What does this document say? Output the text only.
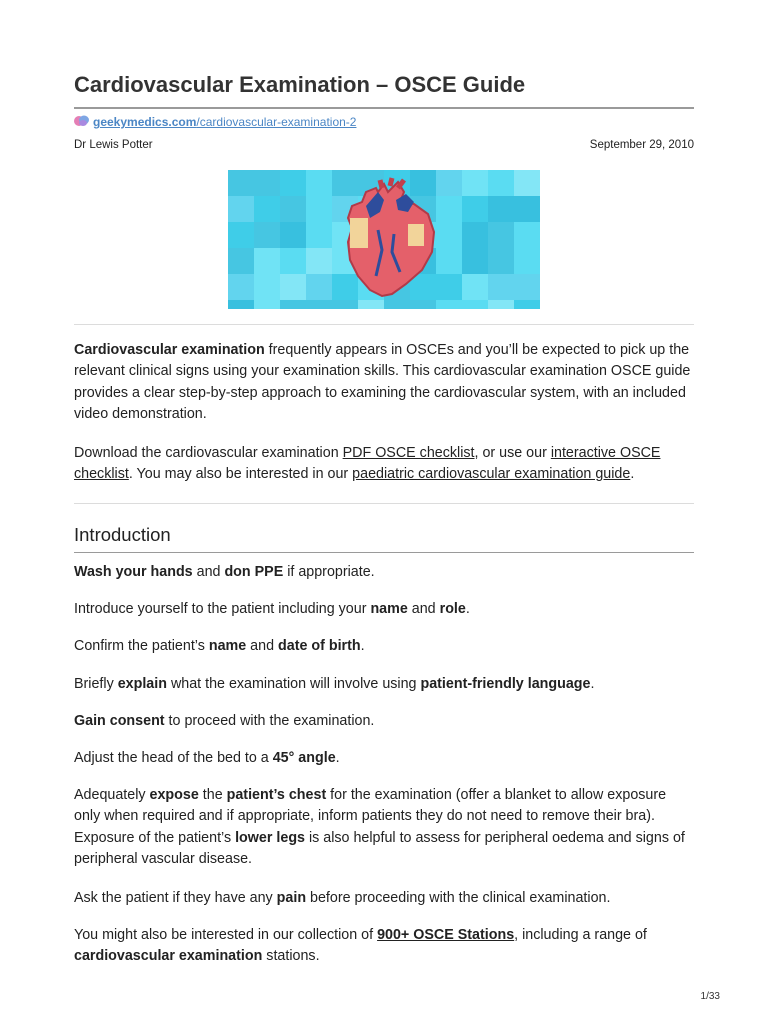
Cardiovascular Examination – OSCE Guide
geekymedics.com/cardiovascular-examination-2
Dr Lewis Potter	September 29, 2010

Cardiovascular examination frequently appears in OSCEs and you’ll be expected to pick up the relevant clinical signs using your examination skills. This cardiovascular examination OSCE guide provides a clear step-by-step approach to examining the cardiovascular system, with an included video demonstration.

Download the cardiovascular examination PDF OSCE checklist, or use our interactive OSCE checklist. You may also be interested in our paediatric cardiovascular examination guide.

Introduction

Wash your hands and don PPE if appropriate.

Introduce yourself to the patient including your name and role.

Confirm the patient’s name and date of birth.

Briefly explain what the examination will involve using patient-friendly language.

Gain consent to proceed with the examination.

Adjust the head of the bed to a 45° angle.

Adequately expose the patient’s chest for the examination (offer a blanket to allow exposure only when required and if appropriate, inform patients they do not need to remove their bra). Exposure of the patient’s lower legs is also helpful to assess for peripheral oedema and signs of peripheral vascular disease.

Ask the patient if they have any pain before proceeding with the clinical examination.

You might also be interested in our collection of 900+ OSCE Stations, including a range of cardiovascular examination stations.

1/33
